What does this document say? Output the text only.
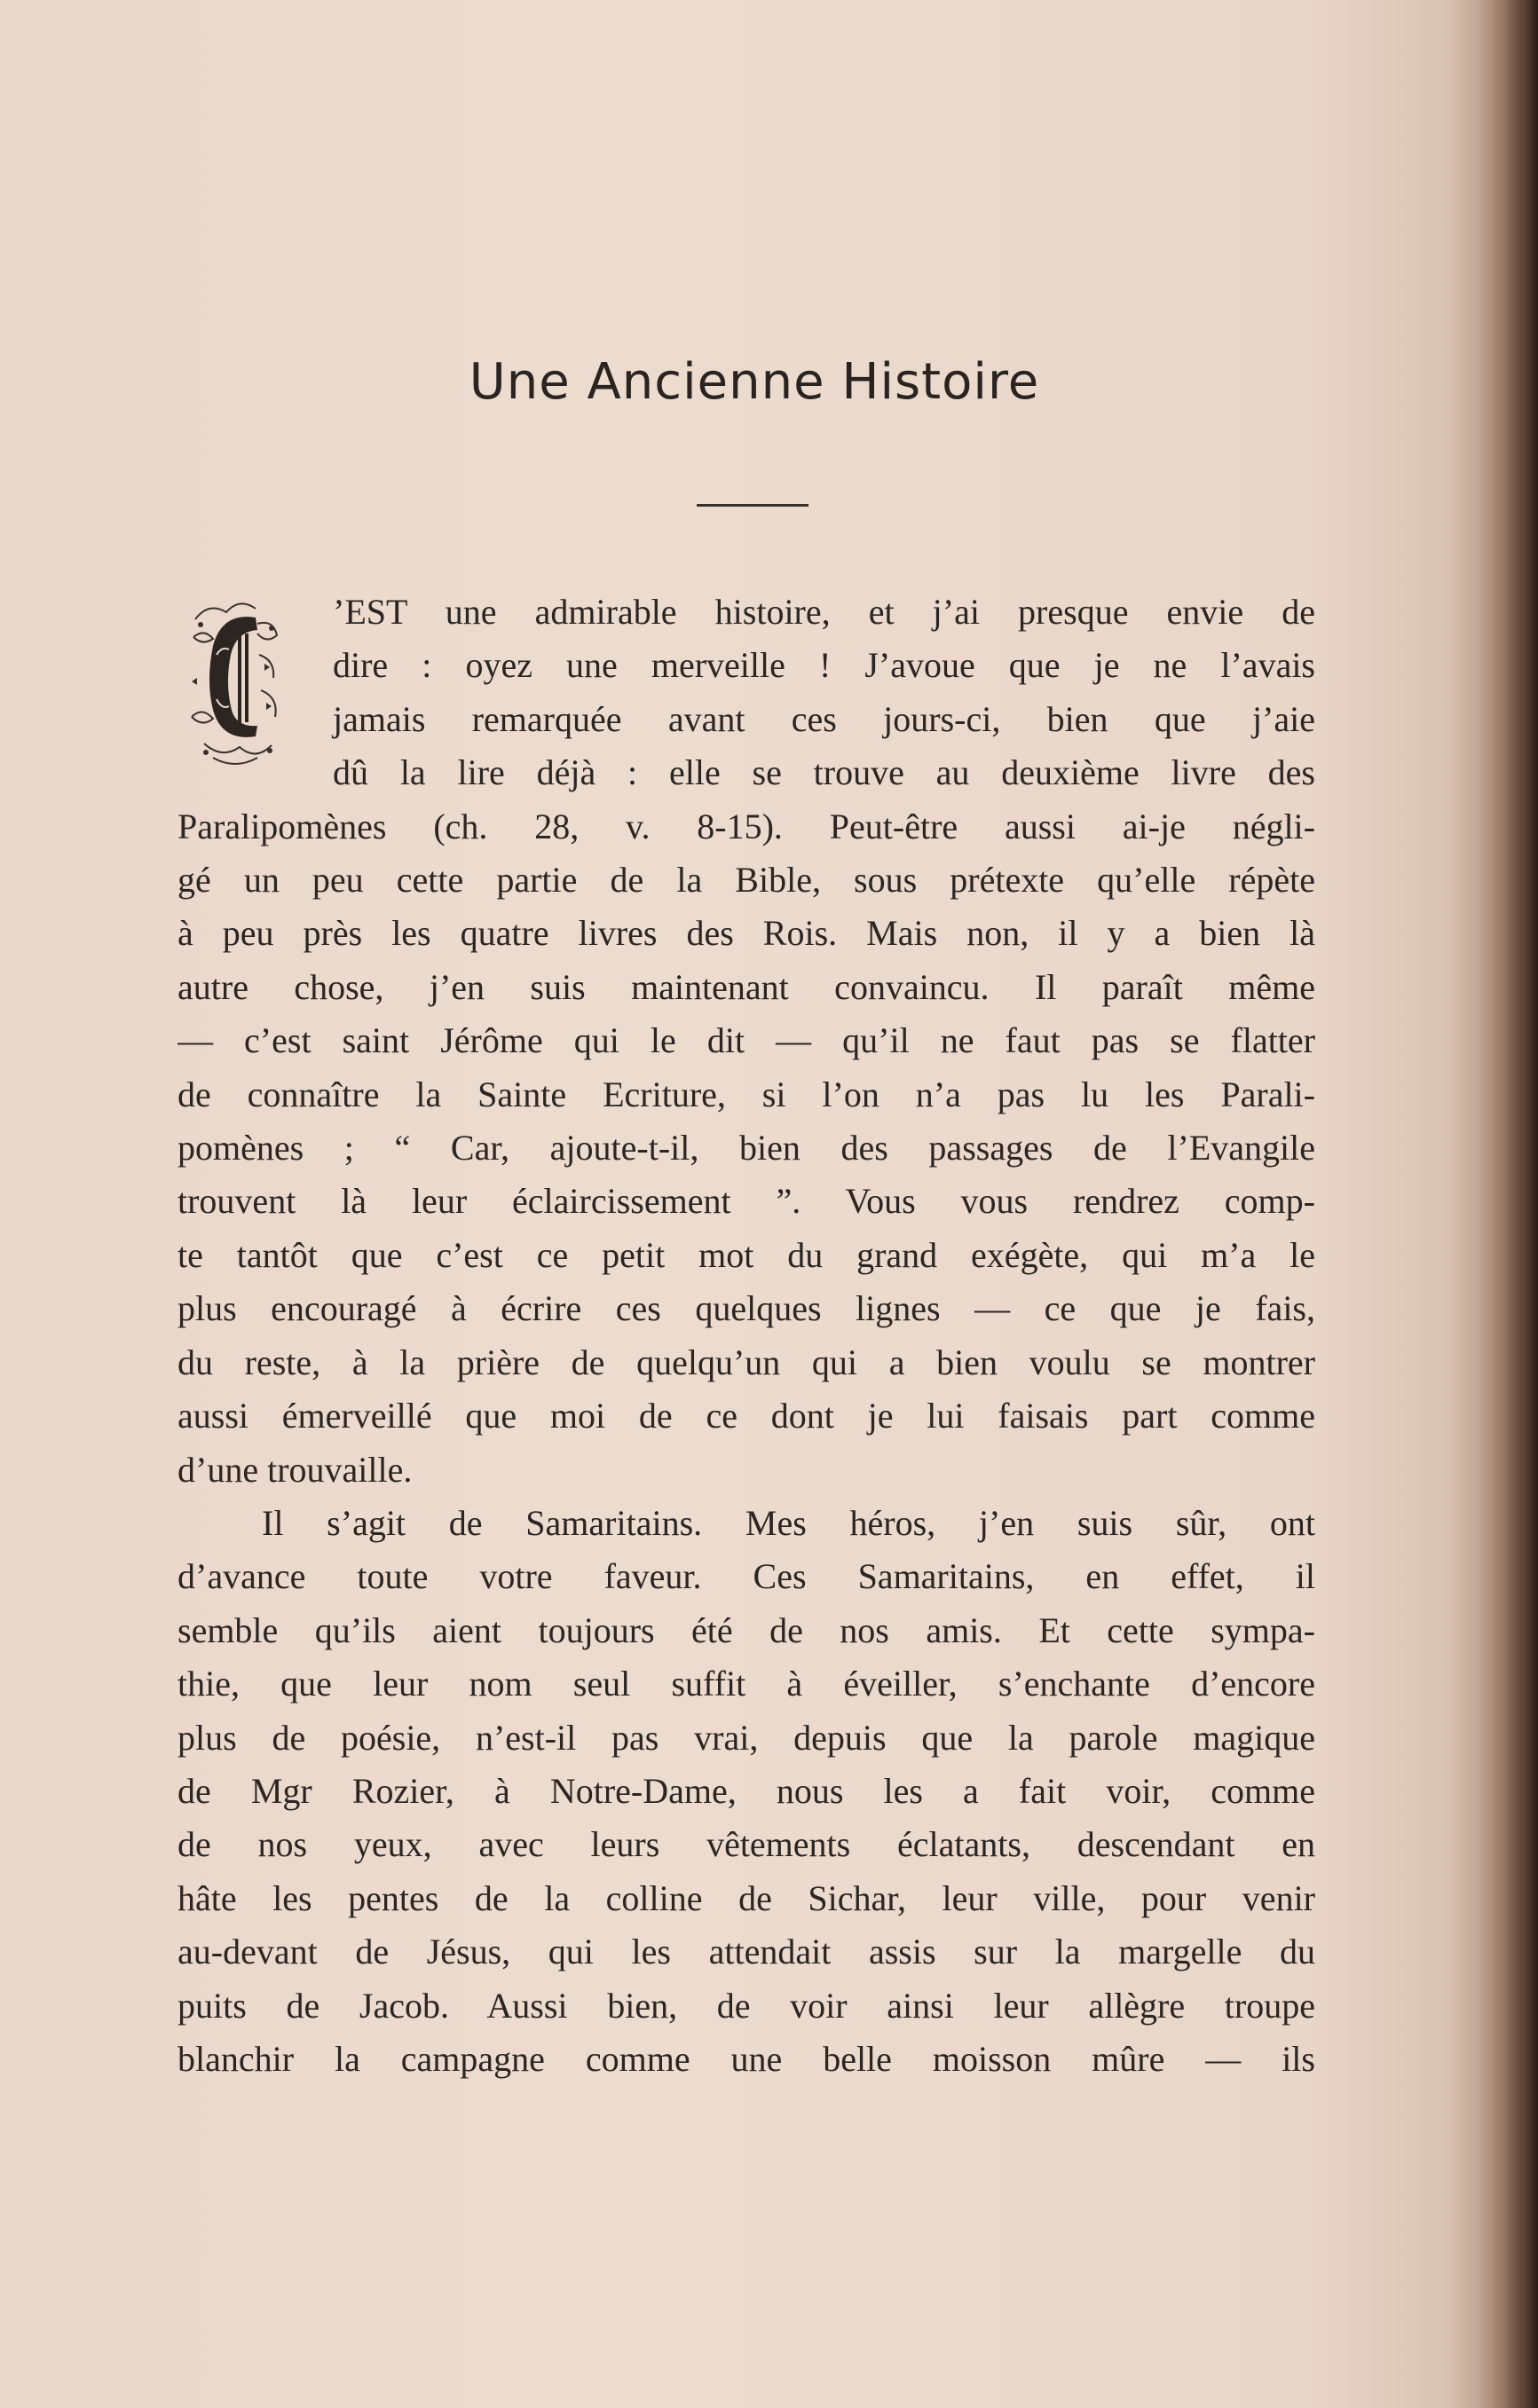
Une Ancienne Histoire
’EST une admirable histoire, et j’ai presque envie de
dire : oyez une merveille ! J’avoue que je ne l’avais
jamais remarquée avant ces jours-ci, bien que j’aie
dû la lire déjà : elle se trouve au deuxième livre des
Paralipomènes (ch. 28, v. 8-15). Peut-être aussi ai-je négli-
gé un peu cette partie de la Bible, sous prétexte qu’elle répète
à peu près les quatre livres des Rois. Mais non, il y a bien là
autre chose, j’en suis maintenant convaincu. Il paraît même
— c’est saint Jérôme qui le dit — qu’il ne faut pas se flatter
de connaître la Sainte Ecriture, si l’on n’a pas lu les Parali-
pomènes ; “ Car, ajoute-t-il, bien des passages de l’Evangile
trouvent là leur éclaircissement ”. Vous vous rendrez comp-
te tantôt que c’est ce petit mot du grand exégète, qui m’a le
plus encouragé à écrire ces quelques lignes — ce que je fais,
du reste, à la prière de quelqu’un qui a bien voulu se montrer
aussi émerveillé que moi de ce dont je lui faisais part comme
d’une trouvaille.
Il s’agit de Samaritains. Mes héros, j’en suis sûr, ont
d’avance toute votre faveur. Ces Samaritains, en effet, il
semble qu’ils aient toujours été de nos amis. Et cette sympa-
thie, que leur nom seul suffit à éveiller, s’enchante d’encore
plus de poésie, n’est-il pas vrai, depuis que la parole magique
de Mgr Rozier, à Notre-Dame, nous les a fait voir, comme
de nos yeux, avec leurs vêtements éclatants, descendant en
hâte les pentes de la colline de Sichar, leur ville, pour venir
au-devant de Jésus, qui les attendait assis sur la margelle du
puits de Jacob. Aussi bien, de voir ainsi leur allègre troupe
blanchir la campagne comme une belle moisson mûre — ils
